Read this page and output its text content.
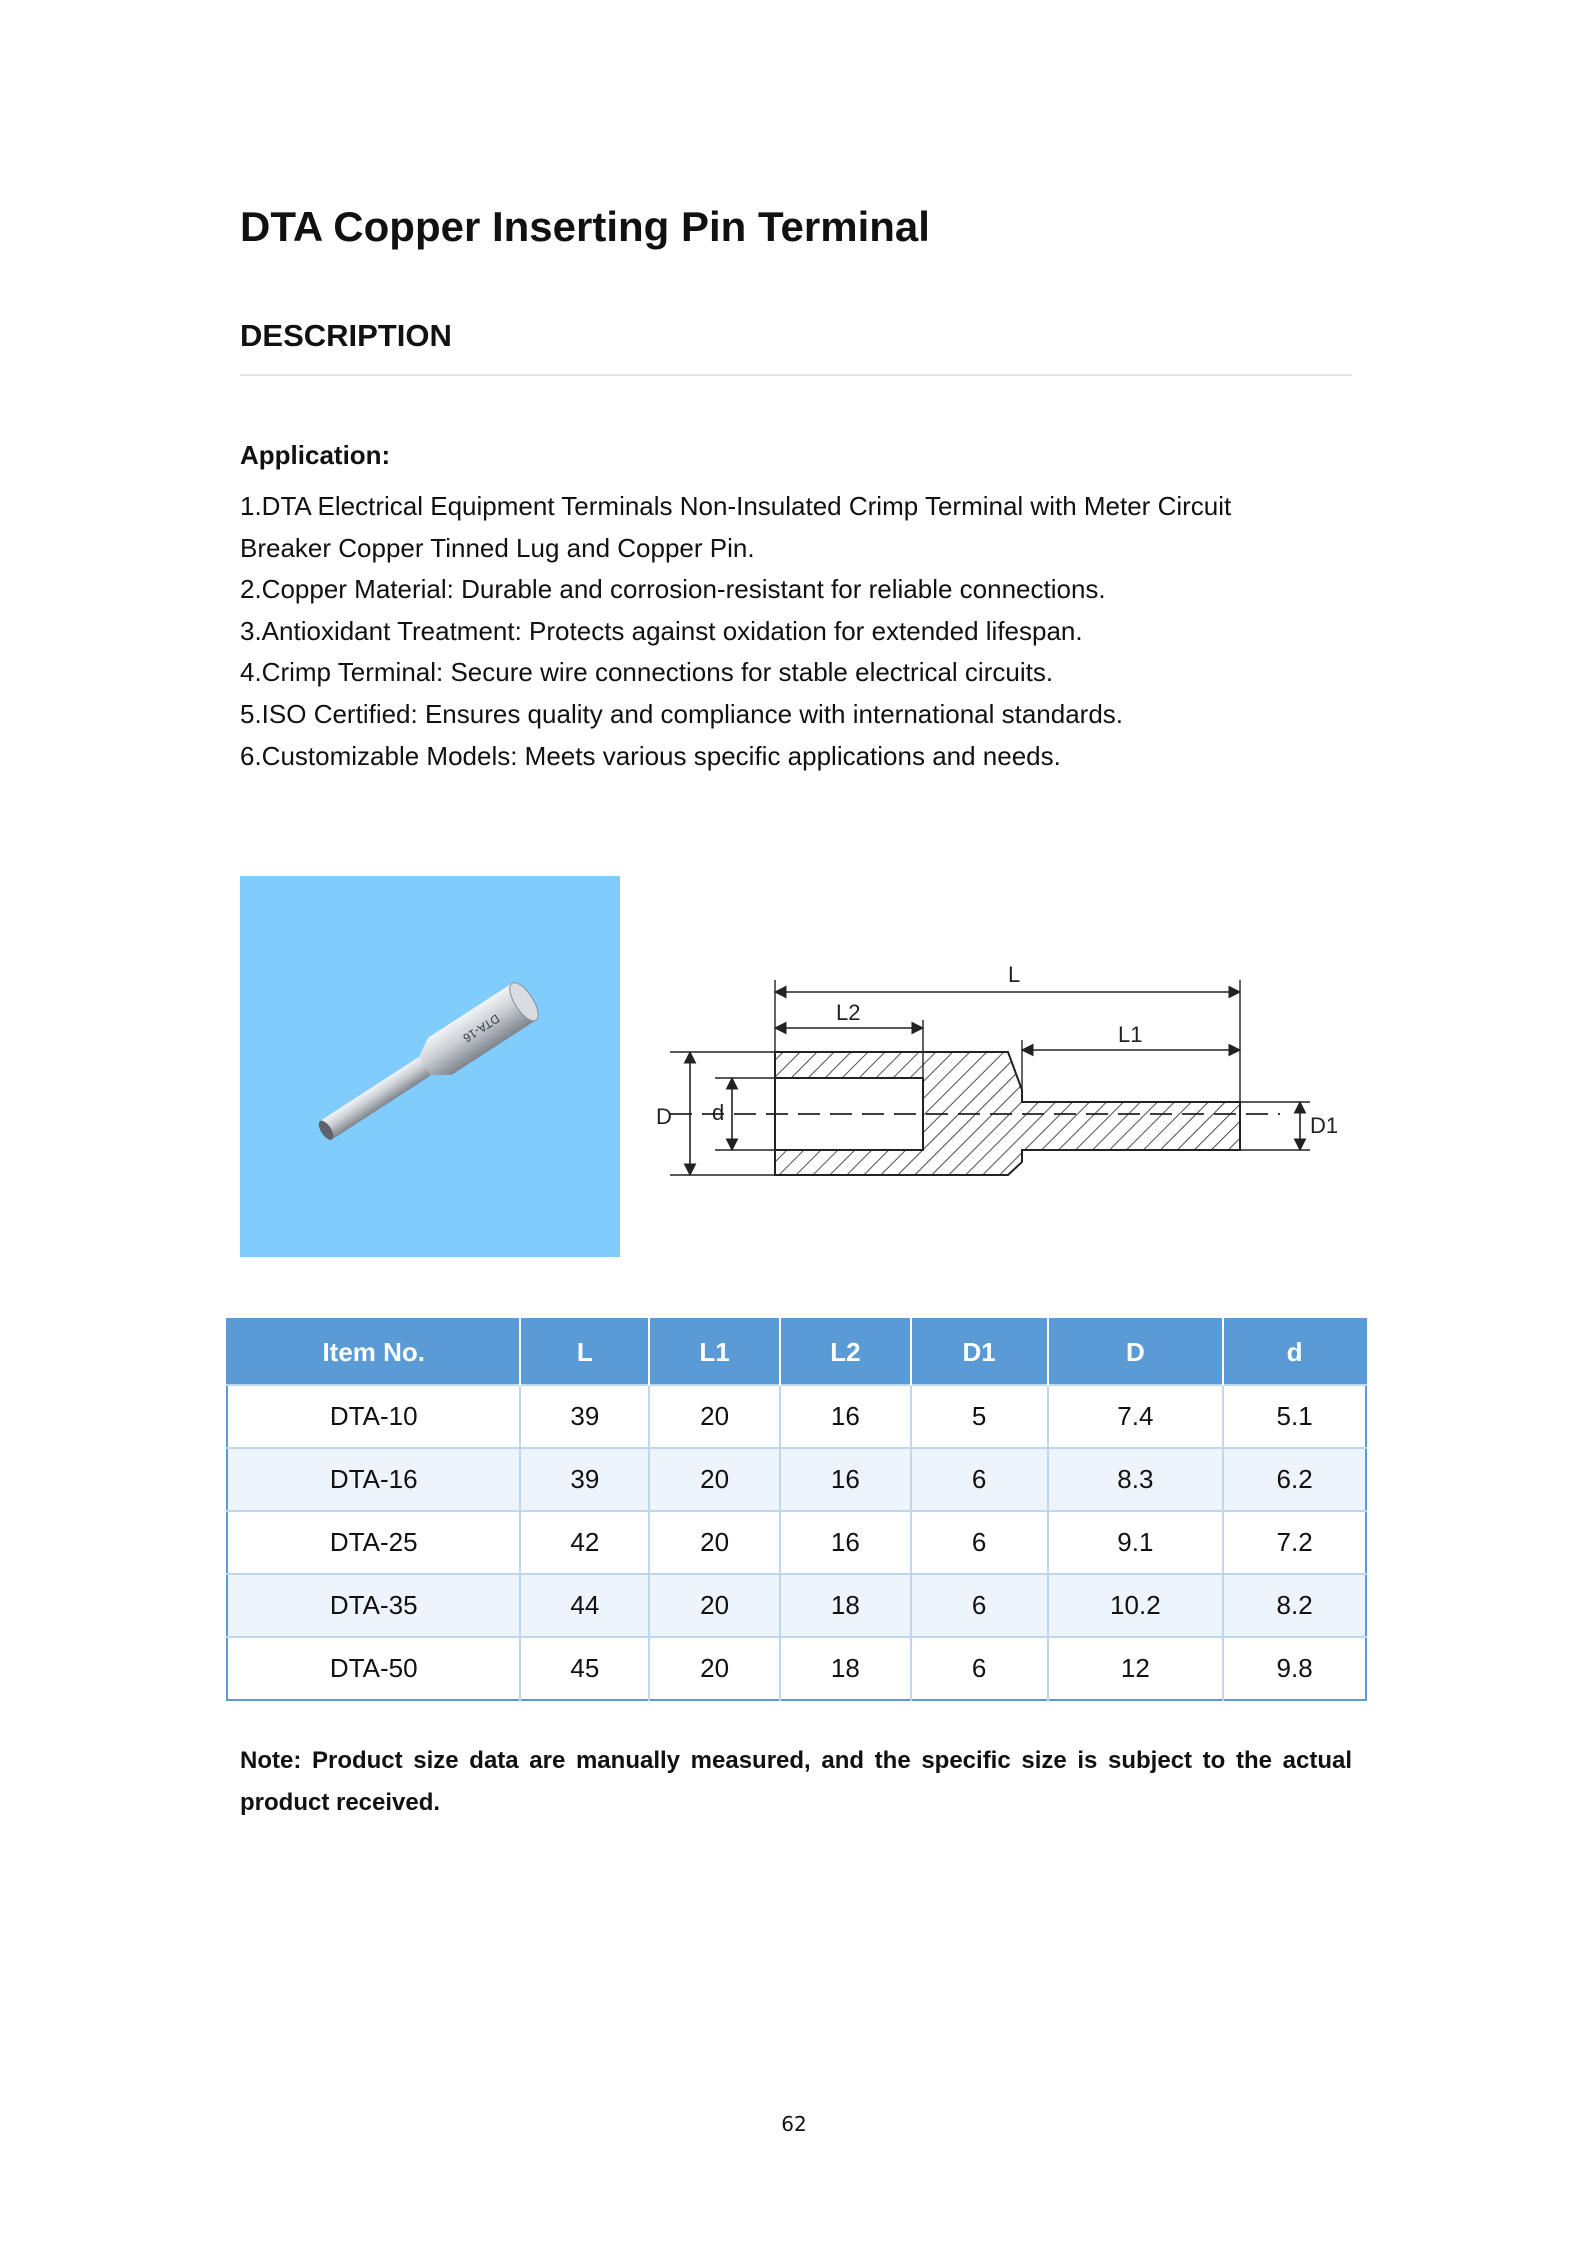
DTA Copper Inserting Pin Terminal
DESCRIPTION
Application:

1.DTA Electrical Equipment Terminals Non-Insulated Crimp Terminal with Meter Circuit

Breaker Copper Tinned Lug and Copper Pin.

2.Copper Material: Durable and corrosion-resistant for reliable connections.

3.Antioxidant Treatment: Protects against oxidation for extended lifespan.

4.Crimp Terminal: Secure wire connections for stable electrical circuits.

5.ISO Certified: Ensures quality and compliance with international standards.

6.Customizable Models: Meets various specific applications and needs.

DTA-16
L
L2
L1
D d
D1
Item No.	L	L1	L2	D1	D	d
DTA-10	39	20	16	5	7.4	5.1
DTA-16	39	20	16	6	8.3	6.2
DTA-25	42	20	16	6	9.1	7.2
DTA-35	44	20	18	6	10.2	8.2
DTA-50	45	20	18	6	12	9.8
Note: Product size data are manually measured, and the specific size is subject to the actual product received.
62
